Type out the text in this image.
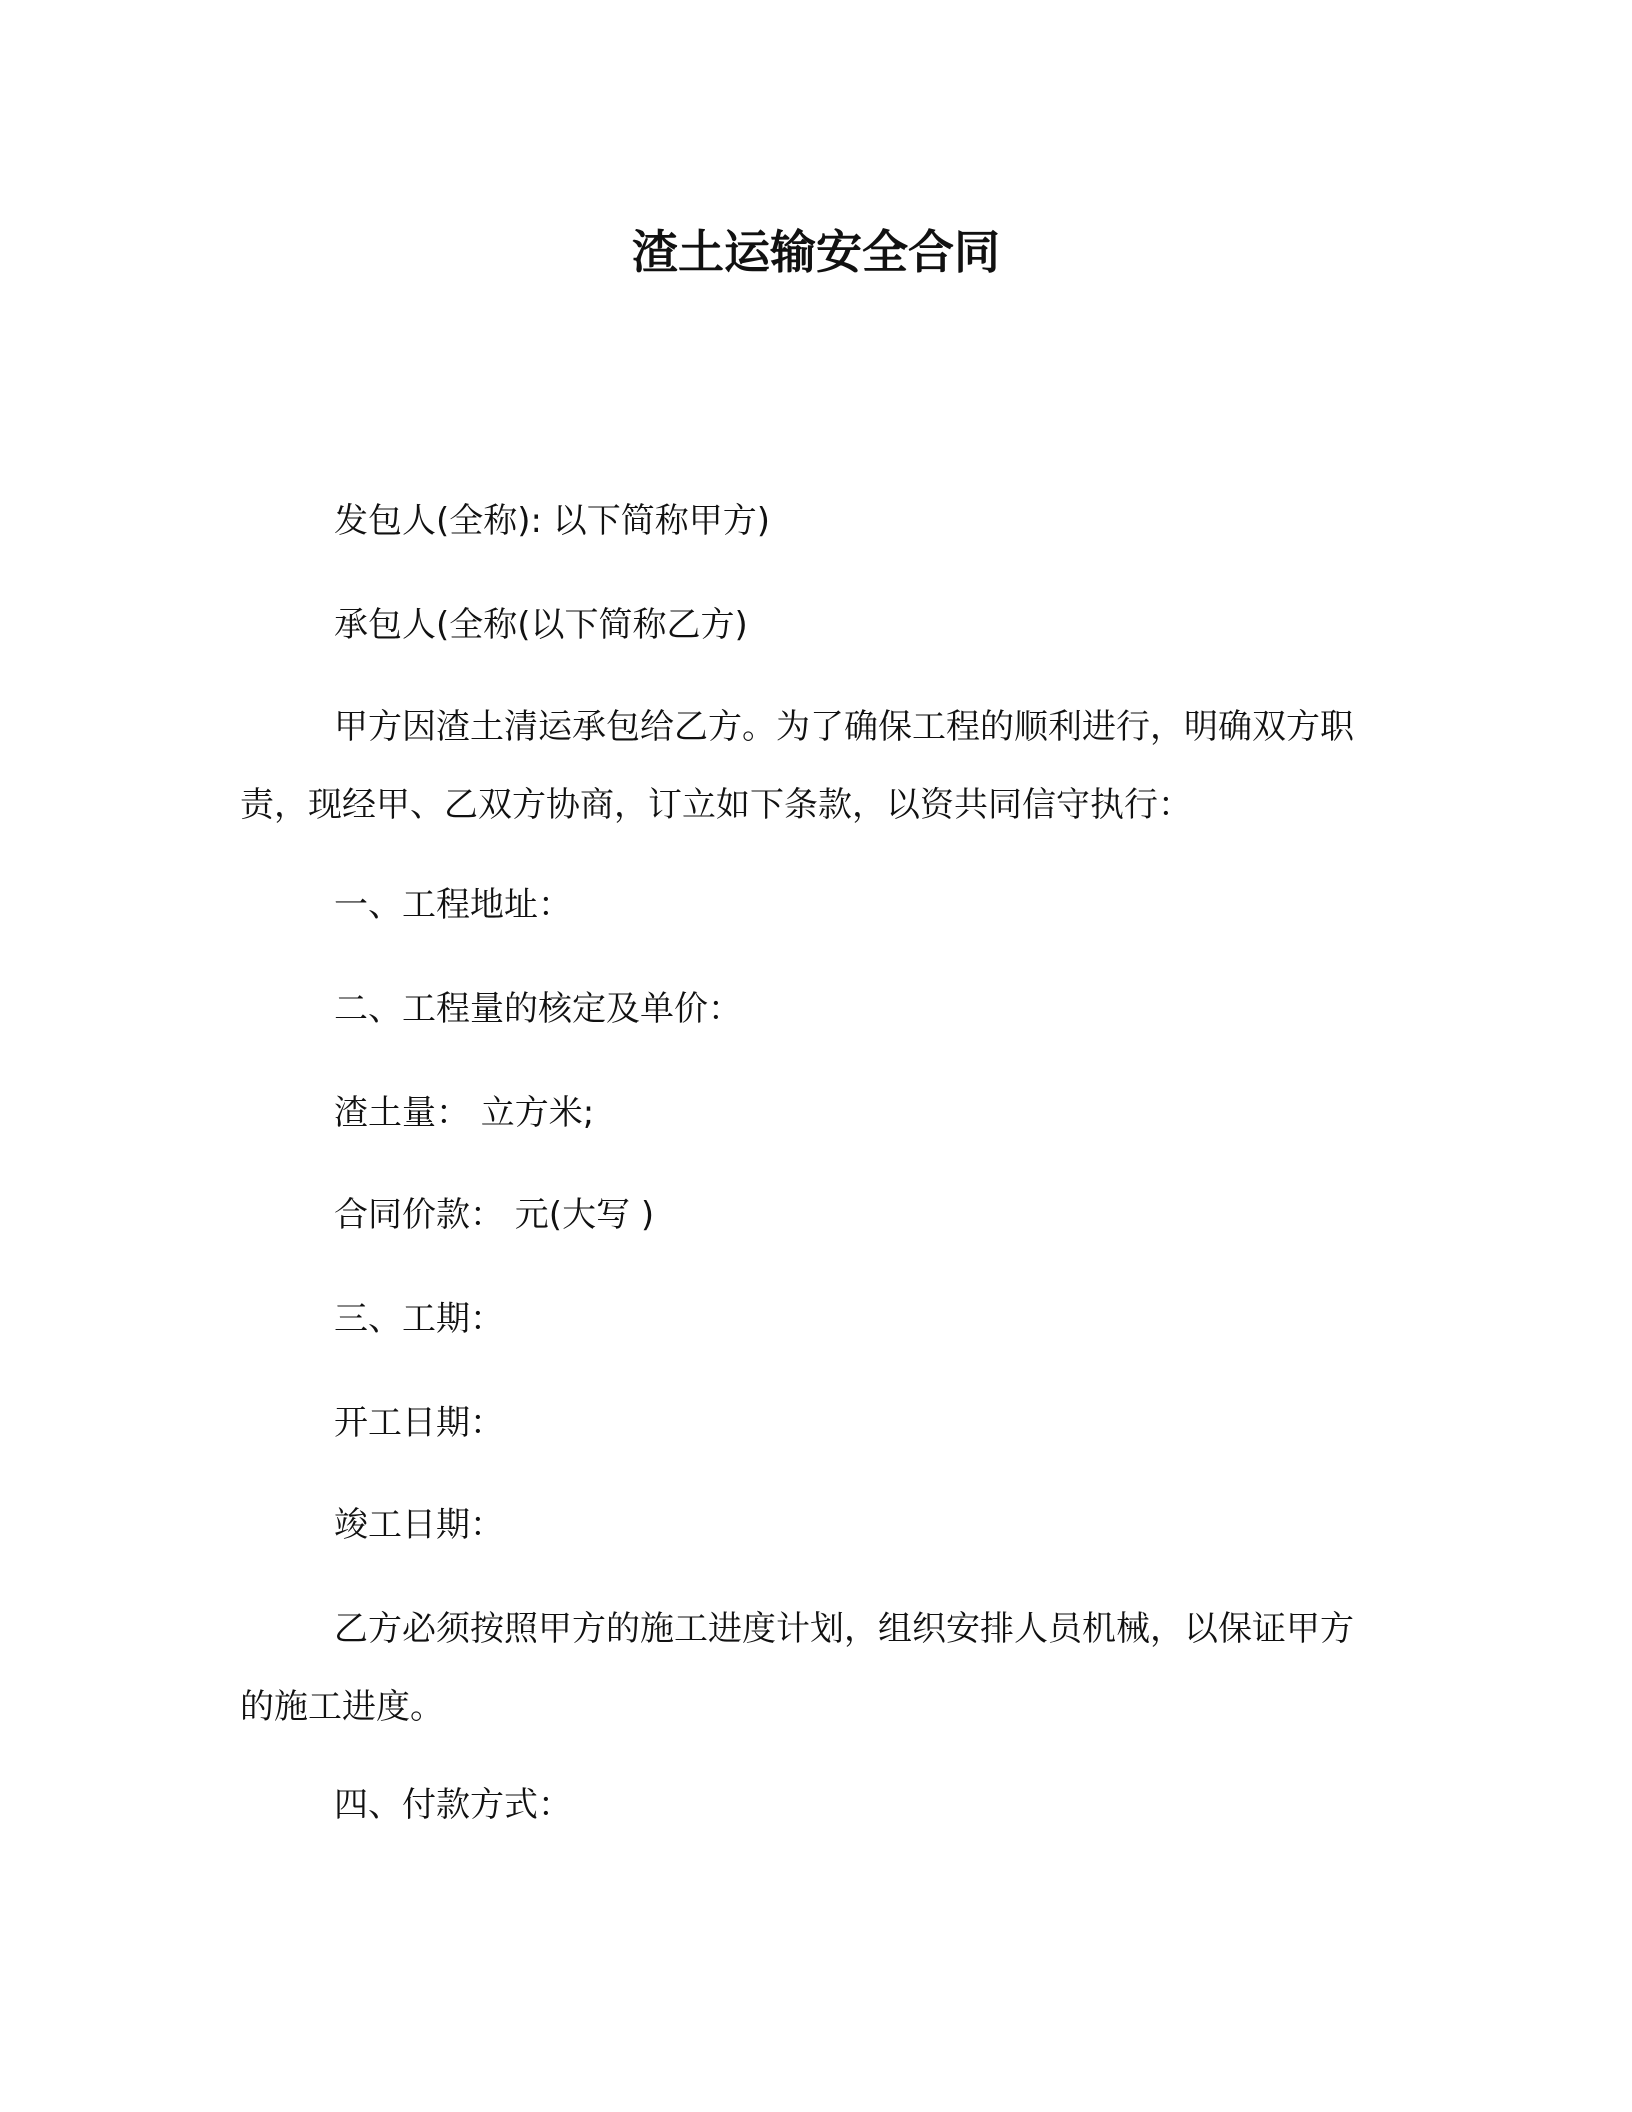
渣土运输安全合同
发包人(全称): 以下简称甲方)
承包人(全称(以下简称乙方)
甲方因渣土清运承包给乙方。为了确保工程的顺利进行，明确双方职责，现经甲、乙双方协商，订立如下条款，以资共同信守执行：
一、工程地址：
二、工程量的核定及单价：
渣土量： 立方米;
合同价款： 元(大写 )
三、工期：
开工日期：
竣工日期：
乙方必须按照甲方的施工进度计划，组织安排人员机械，以保证甲方的施工进度。
四、付款方式：
